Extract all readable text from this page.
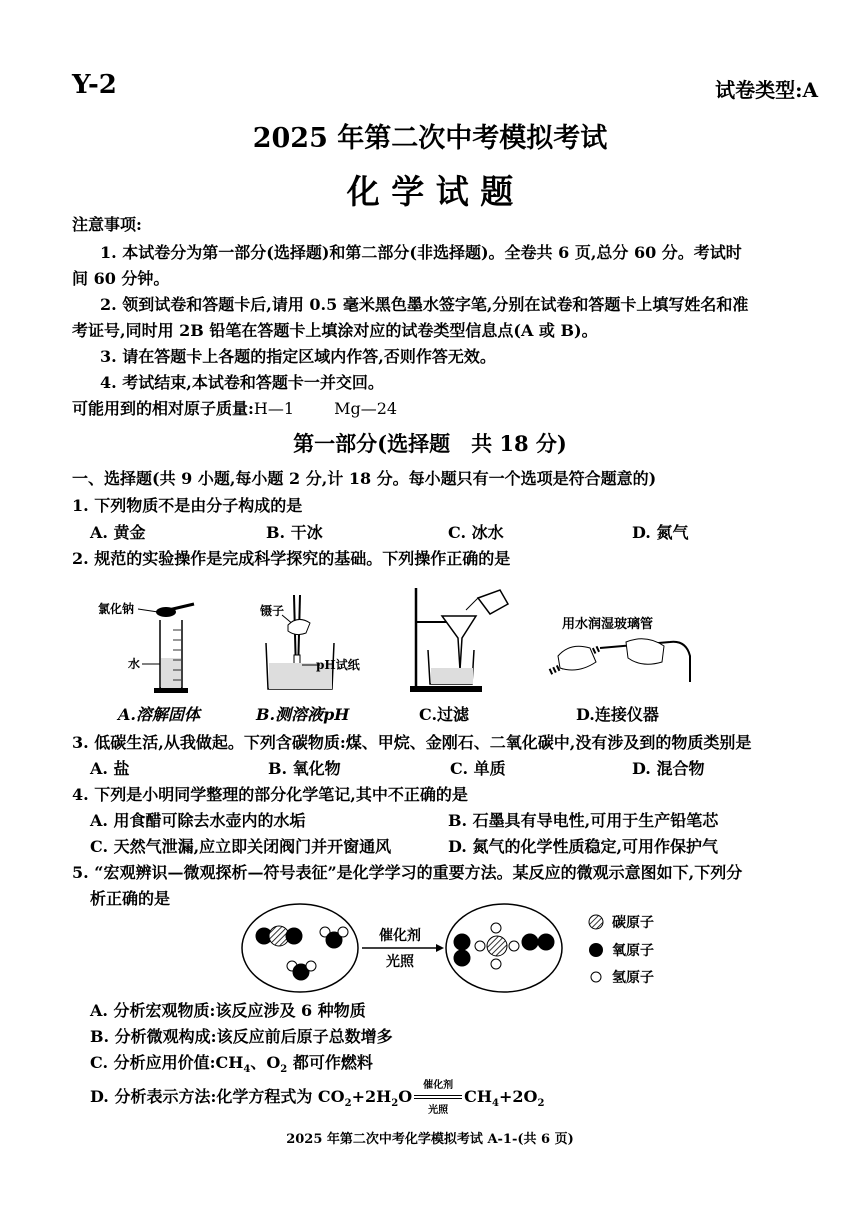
Y-2	试卷类型:A
2025 年第二次中考模拟考试
化 学 试 题
注意事项:
1. 本试卷分为第一部分(选择题)和第二部分(非选择题)。全卷共 6 页,总分 60 分。考试时
间 60 分钟。
2. 领到试卷和答题卡后,请用 0.5 毫米黑色墨水签字笔,分别在试卷和答题卡上填写姓名和准
考证号,同时用 2B 铅笔在答题卡上填涂对应的试卷类型信息点(A 或 B)。
3. 请在答题卡上各题的指定区域内作答,否则作答无效。
4. 考试结束,本试卷和答题卡一并交回。
可能用到的相对原子质量:H—1	Mg—24
第一部分(选择题　共 18 分)
一、选择题(共 9 小题,每小题 2 分,计 18 分。每小题只有一个选项是符合题意的)
1. 下列物质不是由分子构成的是
A. 黄金	B. 干冰	C. 冰水	D. 氮气
2. 规范的实验操作是完成科学探究的基础。下列操作正确的是
氯化钠
水
镊子
pH试纸
用水润湿玻璃管
A.溶解固体	B.测溶液pH	C.过滤	D.连接仪器
3. 低碳生活,从我做起。下列含碳物质:煤、甲烷、金刚石、二氧化碳中,没有涉及到的物质类别是
A. 盐	B. 氧化物	C. 单质	D. 混合物
4. 下列是小明同学整理的部分化学笔记,其中不正确的是
A. 用食醋可除去水壶内的水垢	B. 石墨具有导电性,可用于生产铅笔芯
C. 天然气泄漏,应立即关闭阀门并开窗通风	D. 氮气的化学性质稳定,可用作保护气
5. “宏观辨识—微观探析—符号表征”是化学学习的重要方法。某反应的微观示意图如下,下列分
析正确的是
催化剂
光照
碳原子
氧原子
氢原子
A. 分析宏观物质:该反应涉及 6 种物质
B. 分析微观构成:该反应前后原子总数增多
C. 分析应用价值$:CH_4$、$O_2$ 都可作燃料
D. 分析表示方法:化学方程式为 $CO_2+2H_2O$
催化剂
光照
$CH_4+2O_2$
2025 年第二次中考化学模拟考试 A-1-(共 6 页)
